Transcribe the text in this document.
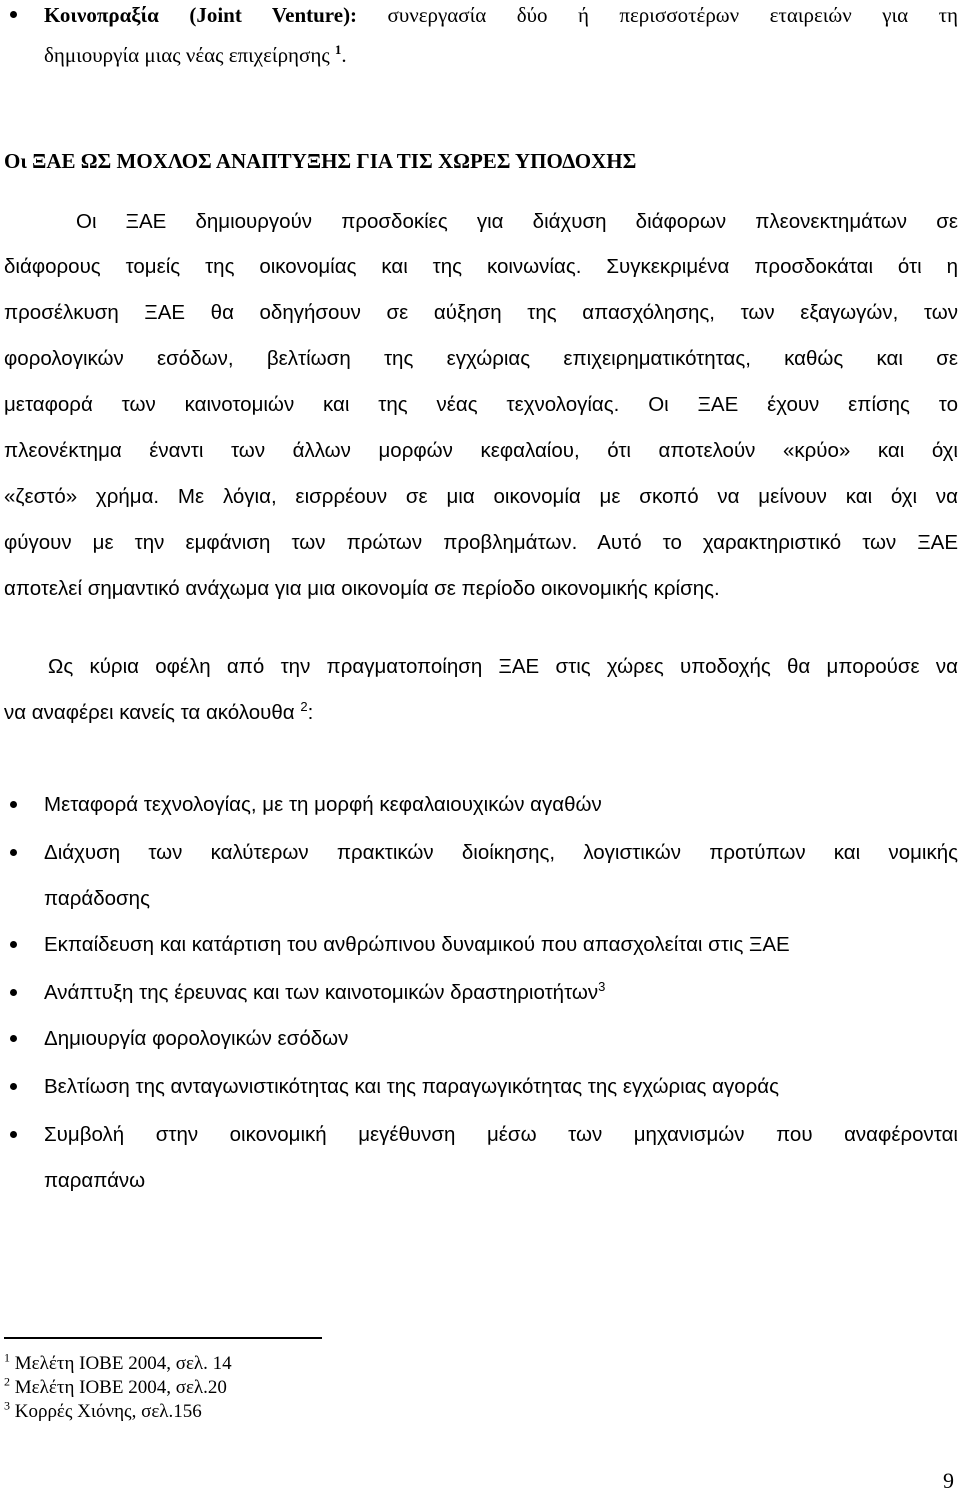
Κοινοπραξία (Joint Venture): συνεργασία δύο ή περισσοτέρων εταιρειών για τη
δημιουργία μιας νέας επιχείρησης $^1$.
Οι ΞΑΕ ΩΣ ΜΟΧΛΟΣ ΑΝΑΠΤΥΞΗΣ ΓΙΑ ΤΙΣ ΧΩΡΕΣ ΥΠΟΔΟΧΗΣ
Οι ΞΑΕ δημιουργούν προσδοκίες για διάχυση διάφορων πλεονεκτημάτων σε
διάφορους τομείς της οικονομίας και της κοινωνίας. Συγκεκριμένα προσδοκάται ότι η
προσέλκυση ΞΑΕ θα οδηγήσουν σε αύξηση της απασχόλησης, των εξαγωγών, των
φορολογικών εσόδων, βελτίωση της εγχώριας επιχειρηματικότητας, καθώς και σε
μεταφορά των καινοτομιών και της νέας τεχνολογίας. Οι ΞΑΕ έχουν επίσης το
πλεονέκτημα έναντι των άλλων μορφών κεφαλαίου, ότι αποτελούν «κρύο» και όχι
«ζεστό» χρήμα. Με λόγια, εισρρέουν σε μια οικονομία με σκοπό να μείνουν και όχι να
φύγουν με την εμφάνιση των πρώτων προβλημάτων. Αυτό το χαρακτηριστικό των ΞΑΕ
αποτελεί σημαντικό ανάχωμα για μια οικονομία σε περίοδο οικονομικής κρίσης.
Ως κύρια οφέλη από την πραγματοποίηση ΞΑΕ στις χώρες υποδοχής θα μπορούσε να
να αναφέρει κανείς τα ακόλουθα $^2$:
Μεταφορά τεχνολογίας, με τη μορφή κεφαλαιουχικών αγαθών
Διάχυση των καλύτερων πρακτικών διοίκησης, λογιστικών προτύπων και νομικής
παράδοσης
Εκπαίδευση και κατάρτιση του ανθρώπινου δυναμικού που απασχολείται στις ΞΑΕ
Ανάπτυξη της έρευνας και των καινοτομικών δραστηριοτήτων$^3$
Δημιουργία φορολογικών εσόδων
Βελτίωση της ανταγωνιστικότητας και της παραγωγικότητας της εγχώριας αγοράς
Συμβολή στην οικονομική μεγέθυνση μέσω των μηχανισμών που αναφέρονται
παραπάνω
$^1$ Μελέτη ΙΟΒΕ 2004, σελ. 14
$^2$ Μελέτη ΙΟΒΕ 2004, σελ.20
$^3$ Κορρές Χιόνης, σελ.156
9
